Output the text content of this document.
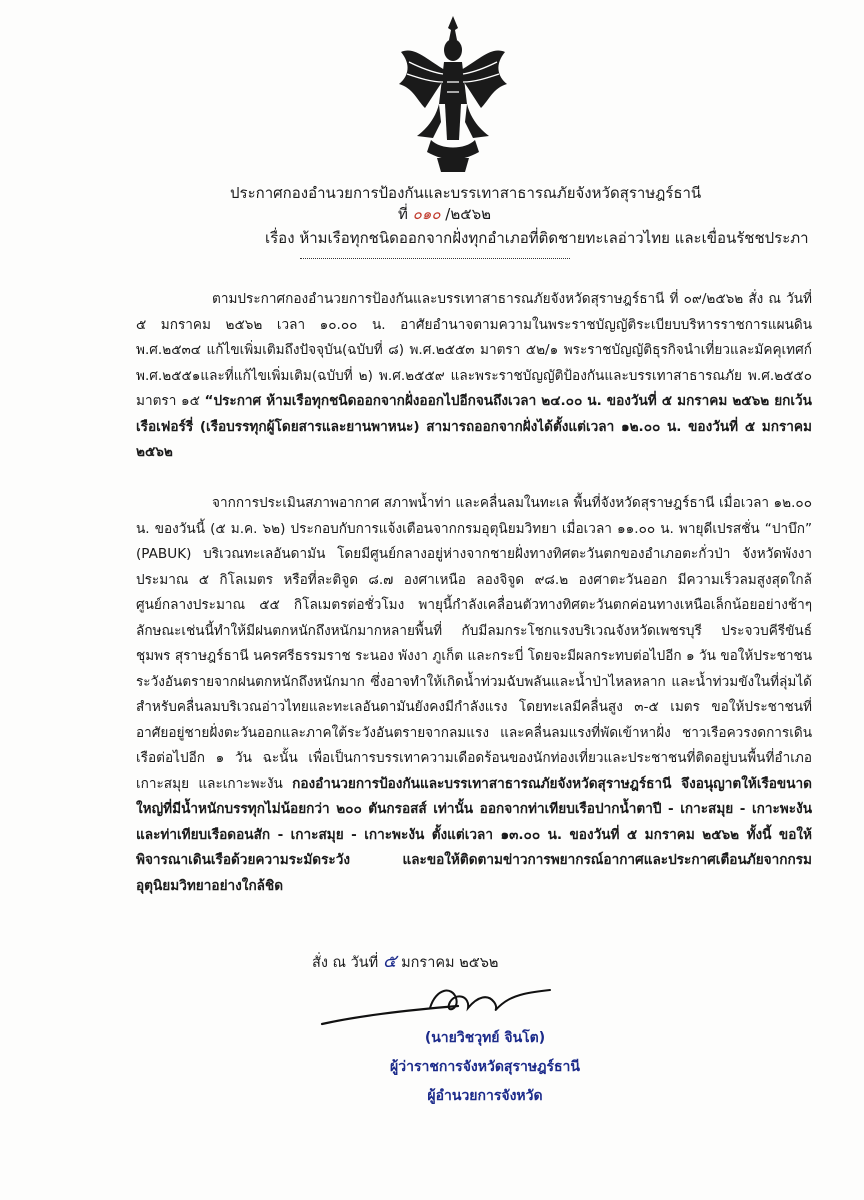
ประกาศกองอำนวยการป้องกันและบรรเทาสาธารณภัยจังหวัดสุราษฎร์ธานี
ที่ ๐๑๐ /๒๕๖๒
เรื่อง ห้ามเรือทุกชนิดออกจากฝั่งทุกอำเภอที่ติดชายทะเลอ่าวไทย และเขื่อนรัชชประภา
ตามประกาศกองอำนวยการป้องกันและบรรเทาสาธารณภัยจังหวัดสุราษฎร์ธานี ที่ ๐๙/๒๕๖๒ สั่ง ณ วันที่ ๕ มกราคม ๒๕๖๒ เวลา ๑๐.๐๐ น. อาศัยอำนาจตามความในพระราชบัญญัติระเบียบบริหารราชการแผนดิน พ.ศ.๒๕๓๔ แก้ไขเพิ่มเติมถึงปัจจุบัน(ฉบับที่ ๘) พ.ศ.๒๕๕๓ มาตรา ๕๒/๑ พระราชบัญญัติธุรกิจนำเที่ยวและมัคคุเทศก์ พ.ศ.๒๕๕๑และที่แก้ไขเพิ่มเติม(ฉบับที่ ๒) พ.ศ.๒๕๕๙ และพระราชบัญญัติป้องกันและบรรเทาสาธารณภัย พ.ศ.๒๕๕๐ มาตรา ๑๕ “ประกาศ ห้ามเรือทุกชนิดออกจากฝั่งออกไปอีกจนถึงเวลา ๒๔.๐๐ น. ของวันที่ ๕ มกราคม ๒๕๖๒ ยกเว้น เรือเฟอร์รี่ (เรือบรรทุกผู้โดยสารและยานพาหนะ) สามารถออกจากฝั่งได้ตั้งแต่เวลา ๑๒.๐๐ น. ของวันที่ ๕ มกราคม ๒๕๖๒
จากการประเมินสภาพอากาศ สภาพน้ำท่า และคลื่นลมในทะเล พื้นที่จังหวัดสุราษฎร์ธานี เมื่อเวลา ๑๒.๐๐ น. ของวันนี้ (๕ ม.ค. ๖๒) ประกอบกับการแจ้งเตือนจากกรมอุตุนิยมวิทยา เมื่อเวลา ๑๑.๐๐ น. พายุดีเปรสชั่น “ปาบึก” (PABUK) บริเวณทะเลอันดามัน โดยมีศูนย์กลางอยู่ห่างจากชายฝั่งทางทิศตะวันตกของอำเภอตะกั่วป่า จังหวัดพังงา ประมาณ ๕ กิโลเมตร หรือที่ละติจูด ๘.๗ องศาเหนือ ลองจิจูด ๙๘.๒ องศาตะวันออก มีความเร็วลมสูงสุดใกล้ศูนย์กลางประมาณ ๕๕ กิโลเมตรต่อชั่วโมง พายุนี้กำลังเคลื่อนตัวทางทิศตะวันตกค่อนทางเหนือเล็กน้อยอย่างช้าๆ ลักษณะเช่นนี้ทำให้มีฝนตกหนักถึงหนักมากหลายพื้นที่ กับมีลมกระโชกแรงบริเวณจังหวัดเพชรบุรี ประจวบคีรีขันธ์ ชุมพร สุราษฎร์ธานี นครศรีธรรมราช ระนอง พังงา ภูเก็ต และกระบี่ โดยจะมีผลกระทบต่อไปอีก ๑ วัน ขอให้ประชาชนระวังอันตรายจากฝนตกหนักถึงหนักมาก ซึ่งอาจทำให้เกิดน้ำท่วมฉับพลันและน้ำป่าไหลหลาก และน้ำท่วมขังในที่ลุ่มได้ สำหรับคลื่นลมบริเวณอ่าวไทยและทะเลอันดามันยังคงมีกำลังแรง โดยทะเลมีคลื่นสูง ๓-๕ เมตร ขอให้ประชาชนที่อาศัยอยู่ชายฝั่งตะวันออกและภาคใต้ระวังอันตรายจากลมแรง และคลื่นลมแรงที่พัดเข้าหาฝั่ง ชาวเรือควรงดการเดินเรือต่อไปอีก ๑ วัน ฉะนั้น เพื่อเป็นการบรรเทาความเดือดร้อนของนักท่องเที่ยวและประชาชนที่ติดอยู่บนพื้นที่อำเภอเกาะสมุย และเกาะพะงัน กองอำนวยการป้องกันและบรรเทาสาธารณภัยจังหวัดสุราษฎร์ธานี จึงอนุญาตให้เรือขนาดใหญ่ที่มีน้ำหนักบรรทุกไม่น้อยกว่า ๒๐๐ ตันกรอสส์ เท่านั้น ออกจากท่าเทียบเรือปากน้ำตาปี - เกาะสมุย - เกาะพะงัน และท่าเทียบเรือดอนสัก - เกาะสมุย - เกาะพะงัน ตั้งแต่เวลา ๑๓.๐๐ น. ของวันที่ ๕ มกราคม ๒๕๖๒ ทั้งนี้ ขอให้พิจารณาเดินเรือด้วยความระมัดระวัง และขอให้ติดตามข่าวการพยากรณ์อากาศและประกาศเตือนภัยจากกรมอุตุนิยมวิทยาอย่างใกล้ชิด
สั่ง ณ วันที่ ๕ มกราคม ๒๕๖๒
(นายวิชวุทย์ จินโต)
ผู้ว่าราชการจังหวัดสุราษฎร์ธานี
ผู้อำนวยการจังหวัด
